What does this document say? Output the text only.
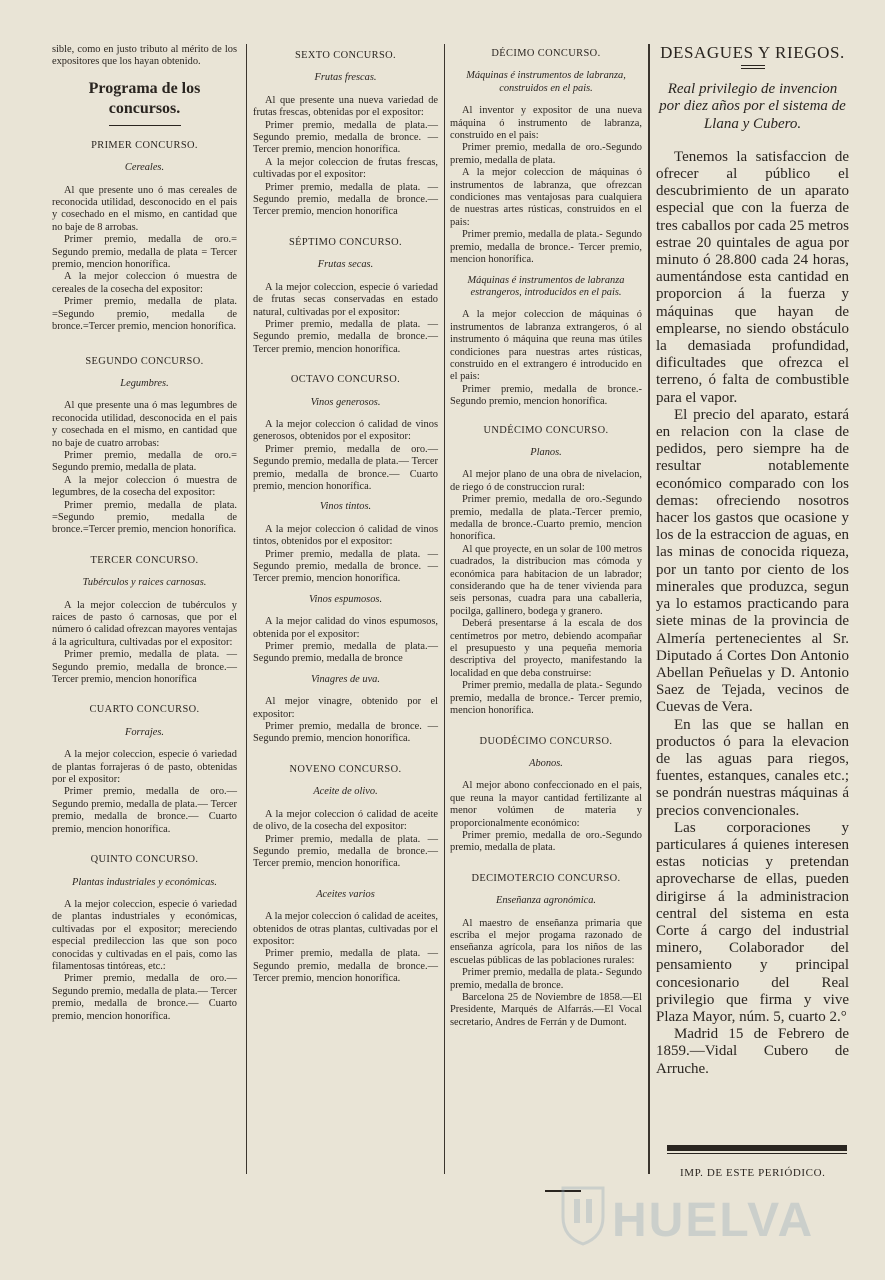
sible, como en justo tributo al mérito de los expositores que los hayan obtenido.

Programa de los concursos.
PRIMER CONCURSO.
Cereales.

Al que presente uno ó mas cereales de reconocida utilidad, desconocido en el pais y cosechado en el mismo, en cantidad que no baje de 8 arrobas.

Primer premio, medalla de oro.= Segundo premio, medalla de plata = Tercer premio, mencion honorífica.

A la mejor coleccion ó muestra de cereales de la cosecha del expositor:

Primer premio, medalla de plata. =Segundo premio, medalla de bronce.=Tercer premio, mencion honorífica.

SEGUNDO CONCURSO.
Legumbres.

Al que presente una ó mas legumbres de reconocida utilidad, desconocida en el pais y cosechada en el mismo, en cantidad que no baje de cuatro arrobas:

Primer premio, medalla de oro.= Segundo premio, medalla de plata.

A la mejor coleccion ó muestra de legumbres, de la cosecha del expositor:

Primer premio, medalla de plata. =Segundo premio, medalla de bronce.=Tercer premio, mencion honorífica.

TERCER CONCURSO.
Tubérculos y raices carnosas.

A la mejor coleccion de tubérculos y raices de pasto ó carnosas, que por el número ó calidad ofrezcan mayores ventajas á la agricultura, cultivadas por el expositor:

Primer premio, medalla de plata. —Segundo premio, medalla de bronce.—Tercer premio, mencion honorífica

CUARTO CONCURSO.
Forrajes.

A la mejor coleccion, especie ó variedad de plantas forrajeras ó de pasto, obtenidas por el expositor:

Primer premio, medalla de oro.— Segundo premio, medalla de plata.— Tercer premio, medalla de bronce.— Cuarto premio, mencion honorífica.

QUINTO CONCURSO.
Plantas industriales y económicas.

A la mejor coleccion, especie ó variedad de plantas industriales y económicas, cultivadas por el expositor; mereciendo especial predileccion las que son poco conocidas y cultivadas en el pais, como las filamentosas tintóreas, etc.:

Primer premio, medalla de oro.— Segundo premio, medalla de plata.— Tercer premio, medalla de bronce.— Cuarto premio, mencion honorífica.

SEXTO CONCURSO.
Frutas frescas.

Al que presente una nueva variedad de frutas frescas, obtenidas por el expositor:

Primer premio, medalla de plata.— Segundo premio, medalla de bronce. —Tercer premio, mencion honorífica.

A la mejor coleccion de frutas frescas, cultivadas por el expositor:

Primer premio, medalla de plata. —Segundo premio, medalla de bronce.—Tercer premio, mencion honorífica

SÉPTIMO CONCURSO.
Frutas secas.

A la mejor coleccion, especie ó variedad de frutas secas conservadas en estado natural, cultivadas por el expositor:

Primer premio, medalla de plata. —Segundo premio, medalla de bronce.—Tercer premio, mencion honorífica.

OCTAVO CONCURSO.
Vinos generosos.

A la mejor coleccion ó calidad de vinos generosos, obtenidos por el expositor:

Primer premio, medalla de oro.— Segundo premio, medalla de plata.— Tercer premio, medalla de bronce.— Cuarto premio, mencion honorífica.

Vinos tintos.

A la mejor coleccion ó calidad de vinos tintos, obtenidos por el expositor:

Primer premio, medalla de plata. —Segundo premio, medalla de bronce. —Tercer premio, mencion honorífica.

Vinos espumosos.

A la mejor calidad do vinos espumosos, obtenida por el expositor:

Primer premio, medalla de plata.— Segundo premio, medalla de bronce

Vinagres de uva.

Al mejor vinagre, obtenido por el expositor:

Primer premio, medalla de bronce. —Segundo premio, mencion honorífica.

NOVENO CONCURSO.
Aceite de olivo.

A la mejor coleccion ó calidad de aceite de olivo, de la cosecha del expositor:

Primer premio, medalla de plata. —Segundo premio, medalla de bronce.—Tercer premio, mencion honorífica.

Aceites varios

A la mejor coleccion ó calidad de aceites, obtenidos de otras plantas, cultivadas por el expositor:

Primer premio, medalla de plata. —Segundo premio, medalla de bronce.—Tercer premio, mencion honorífica.

DÉCIMO CONCURSO.
Máquinas é instrumentos de labranza, construidos en el pais.

Al inventor y expositor de una nueva máquina ó instrumento de labranza, construido en el pais:

Primer premio, medalla de oro.-Segundo premio, medalla de plata.

A la mejor coleccion de máquinas ó instrumentos de labranza, que ofrezcan condiciones mas ventajosas para cualquiera de nuestras artes rústicas, construidos en el pais:

Primer premio, medalla de plata.- Segundo premio, medalla de bronce.- Tercer premio, mencion honorífica.

Máquinas é instrumentos de labranza estrangeros, introducidos en el pais.

A la mejor coleccion de máquinas ó instrumentos de labranza extrangeros, ó al instrumento ó máquina que reuna mas útiles condiciones para nuestras artes rústicas, construido en el extrangero é introducido en el pais:

Primer premio, medalla de bronce.- Segundo premio, mencion honorífica.

UNDÉCIMO CONCURSO.
Planos.

Al mejor plano de una obra de nivelacion, de riego ó de construccion rural:

Primer premio, medalla de oro.-Segundo premio, medalla de plata.-Tercer premio, medalla de bronce.-Cuarto premio, mencion honorífica.

Al que proyecte, en un solar de 100 metros cuadrados, la distribucion mas cómoda y económica para habitacion de un labrador; considerando que ha de tener vivienda para seis personas, cuadra para una caballeria, pocilga, gallinero, bodega y granero.

Deberá presentarse á la escala de dos centímetros por metro, debiendo acompañar el presupuesto y una pequeña memoria descriptiva del proyecto, manifestando la localidad en que deba construirse:

Primer premio, medalla de plata.- Segundo premio, medalla de bronce.- Tercer premio, mencion honorífica.

DUODÉCIMO CONCURSO.
Abonos.

Al mejor abono confeccionado en el pais, que reuna la mayor cantidad fertilizante al menor volúmen de materia y proporcionalmente económico:

Primer premio, medalla de oro.-Segundo premio, medalla de plata.

DECIMOTERCIO CONCURSO.
Enseñanza agronómica.

Al maestro de enseñanza primaria que escriba el mejor progama razonado de enseñanza agrícola, para los niños de las escuelas públicas de las poblaciones rurales:

Primer premio, medalla de plata.- Segundo premio, medalla de bronce.

Barcelona 25 de Noviembre de 1858.—El Presidente, Marqués de Alfarrás.—El Vocal secretario, Andres de Ferrán y de Dumont.

DESAGUES Y RIEGOS.
Real privilegio de invencion por diez años por el sistema de Llana y Cubero.

Tenemos la satisfaccion de ofrecer al público el descubrimiento de un aparato especial que con la fuerza de tres caballos por cada 25 metros estrae 20 quintales de agua por minuto ó 28.800 cada 24 horas, aumentándose esta cantidad en proporcion á la fuerza y máquinas que hayan de emplearse, no siendo obstáculo la demasiada profundidad, dificultades que ofrezca el terreno, ó falta de combustible para el vapor.

El precio del aparato, estará en relacion con la clase de pedidos, pero siempre ha de resultar notablemente económico comparado con los demas: ofreciendo nosotros hacer los gastos que ocasione y los de la estraccion de aguas, en las minas de conocida riqueza, por un tanto por ciento de los minerales que produzca, segun ya lo estamos practicando para siete minas de la provincia de Almería pertenecientes al Sr. Diputado á Cortes Don Antonio Abellan Peñuelas y D. Antonio Saez de Tejada, vecinos de Cuevas de Vera.

En las que se hallan en productos ó para la elevacion de las aguas para riegos, fuentes, estanques, canales etc.; se pondrán nuestras máquinas á precios convencionales.

Las corporaciones y particulares á quienes interesen estas noticias y pretendan aprovecharse de ellas, pueden dirigirse á la administracion central del sistema en esta Corte á cargo del industrial minero, Colaborador del pensamiento y principal concesionario del Real privilegio que firma y vive Plaza Mayor, núm. 5, cuarto 2.°

Madrid 15 de Febrero de 1859.—Vidal Cubero de Arruche.

IMP. DE ESTE PERIÓDICO.
HUELVA
